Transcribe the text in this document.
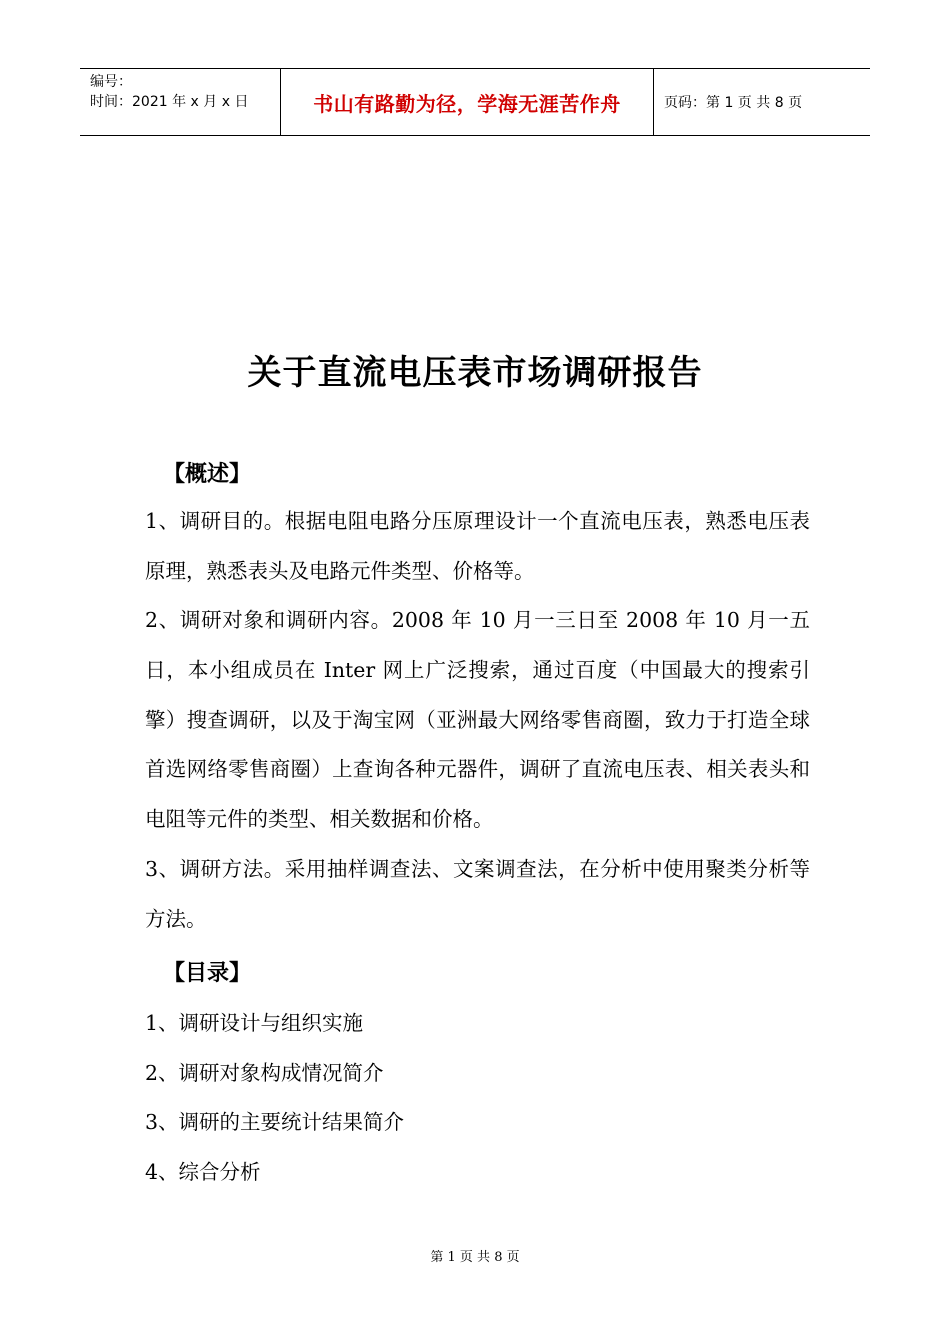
编号：
时间：2021 年 x 月 x 日	书山有路勤为径，学海无涯苦作舟	页码：第 1 页 共 8 页
关于直流电压表市场调研报告
【概述】

1、调研目的。根据电阻电路分压原理设计一个直流电压表，熟悉电压表原理，熟悉表头及电路元件类型、价格等。

2、调研对象和调研内容。2008 年 10 月一三日至 2008 年 10 月一五日，本小组成员在 Inter 网上广泛搜索，通过百度（中国最大的搜索引擎）搜查调研，以及于淘宝网（亚洲最大网络零售商圈，致力于打造全球首选网络零售商圈）上查询各种元器件，调研了直流电压表、相关表头和电阻等元件的类型、相关数据和价格。

3、调研方法。采用抽样调查法、文案调查法，在分析中使用聚类分析等方法。

【目录】
1、调研设计与组织实施
2、调研对象构成情况简介
3、调研的主要统计结果简介
4、综合分析
第 1 页 共 8 页
